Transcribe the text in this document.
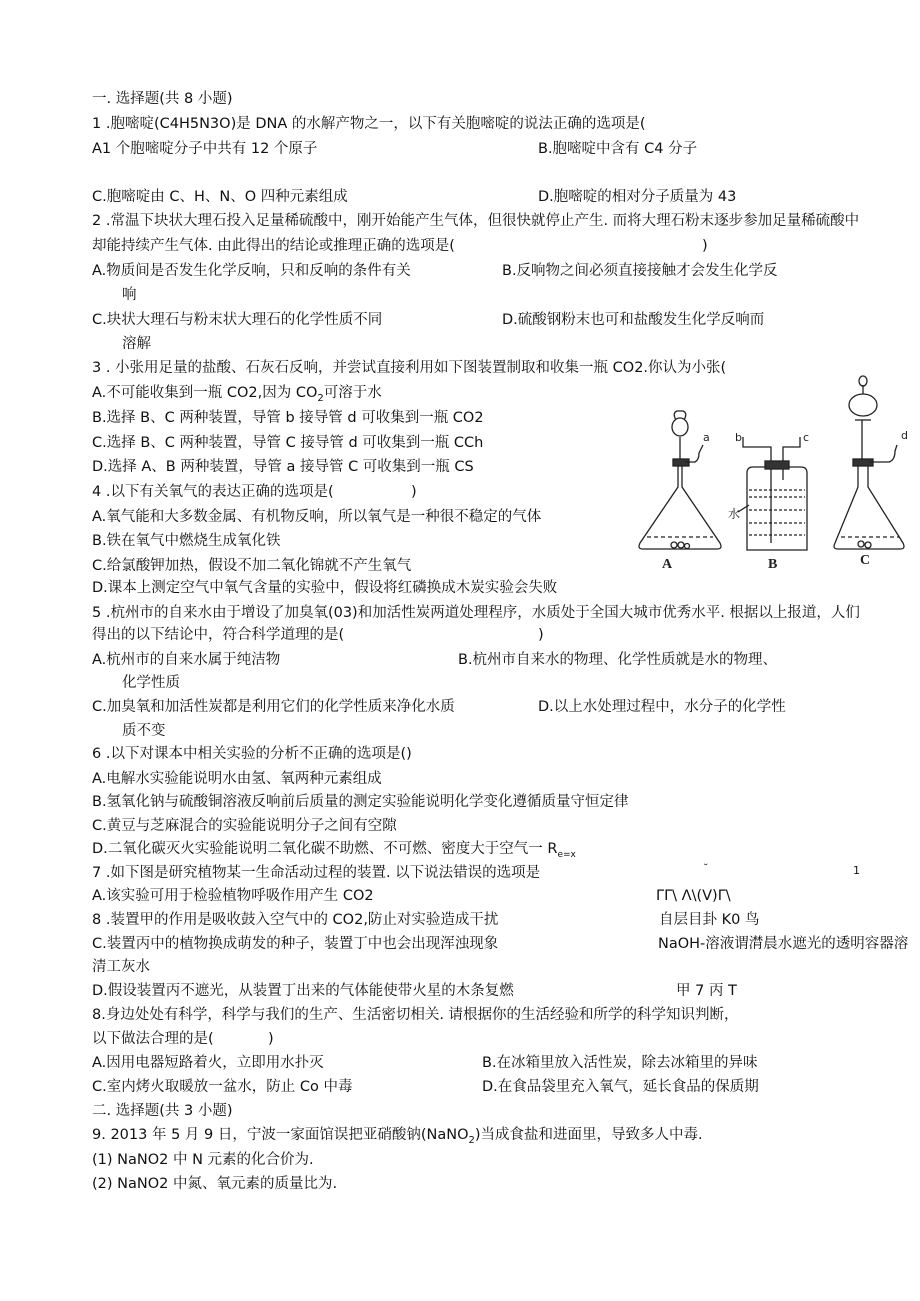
一. 选择题(共 8 小题)
1 .胞嘧啶(C4H5N3O)是 DNA 的水解产物之一，以下有关胞嘧啶的说法正确的选项是(
A1 个胞嘧啶分子中共有 12 个原子	B.胞嘧啶中含有 C4 分子
C.胞嘧啶由 C、H、N、O 四种元素组成	D.胞嘧啶的相对分子质量为 43
2 .常温下块状大理石投入足量稀硫酸中，刚开始能产生气体，但很快就停止产生. 而将大理石粉末逐步参加足量稀硫酸中
却能持续产生气体. 由此得出的结论或推理正确的选项是(	)
A.物质间是否发生化学反响，只和反响的条件有关	B.反响物之间必须直接接触才会发生化学反
响
C.块状大理石与粉末状大理石的化学性质不同	D.硫酸钢粉末也可和盐酸发生化学反响而
溶解
3 . 小张用足量的盐酸、石灰石反响，并尝试直接利用如下图装置制取和收集一瓶 CO2.你认为小张(
A.不可能收集到一瓶 CO2,因为 $CO_2$可溶于水
B.选择 B、C 两种装置，导管 b 接导管 d 可收集到一瓶 CO2
C.选择 B、C 两种装置，导管 C 接导管 d 可收集到一瓶 CCh
D.选择 A、B 两种装置，导管 a 接导管 C 可收集到一瓶 CS
4 .以下有关氧气的表达正确的选项是(	)
A.氧气能和大多数金属、有机物反响，所以氧气是一种很不稳定的气体
B.铁在氧气中燃烧生成氧化铁
C.给氯酸钾加热，假设不加二氧化锦就不产生氧气
D.课本上测定空气中氧气含量的实验中，假设将红磷换成木炭实验会失败
a b	c	d
水
A	B	C
5 .杭州市的自来水由于增设了加臭氧(03)和加活性炭两道处理程序，水质处于全国大城市优秀水平. 根据以上报道，人们
得出的以下结论中，符合科学道理的是(	)
A.杭州市的自来水属于纯洁物	B.杭州市自来水的物理、化学性质就是水的物理、
化学性质
C.加臭氧和加活性炭都是利用它们的化学性质来净化水质	D.以上水处理过程中，水分子的化学性
质不变
6 .以下对课本中相关实验的分析不正确的选项是()
A.电解水实验能说明水由氢、氧两种元素组成
B.氢氧化钠与硫酸铜溶液反响前后质量的测定实验能说明化学变化遵循质量守恒定律
C.黄豆与芝麻混合的实验能说明分子之间有空隙
D.二氧化碳灭火实验能说明二氧化碳不助燃、不可燃、密度大于空气一 $R_{e=x}$
7 .如下图是研究植物某一生命活动过程的装置. 以下说法错误的选项是	˘	1
A.该实验可用于检验植物呼吸作用产生 CO2	ΓΓ\ Λ\(V)Γ\
8 .装置甲的作用是吸收鼓入空气中的 CO2,防止对实验造成干扰	自层目卦 K0 鸟
C.装置丙中的植物换成萌发的种子，装置丁中也会出现浑浊现象	NaOH-溶液谓潸晨水遮光的透明容器溶
清工灰水
D.假设装置丙不遮光，从装置丁出来的气体能使带火星的木条复燃	甲 7 丙 T
8.身边处处有科学，科学与我们的生产、生活密切相关. 请根据你的生活经验和所学的科学知识判断，
以下做法合理的是(	)
A.因用电器短路着火，立即用水扑灭	B.在冰箱里放入活性炭，除去冰箱里的异味
C.室内烤火取暖放一盆水，防止 Co 中毒	D.在食品袋里充入氧气，延长食品的保质期
二. 选择题(共 3 小题)
9. 2013 年 5 月 9 日，宁波一家面馆误把亚硝酸钠(NaNO$_2$)当成食盐和进面里，导致多人中毒.
(1) NaNO2 中 N 元素的化合价为.
(2) NaNO2 中氮、氧元素的质量比为.
